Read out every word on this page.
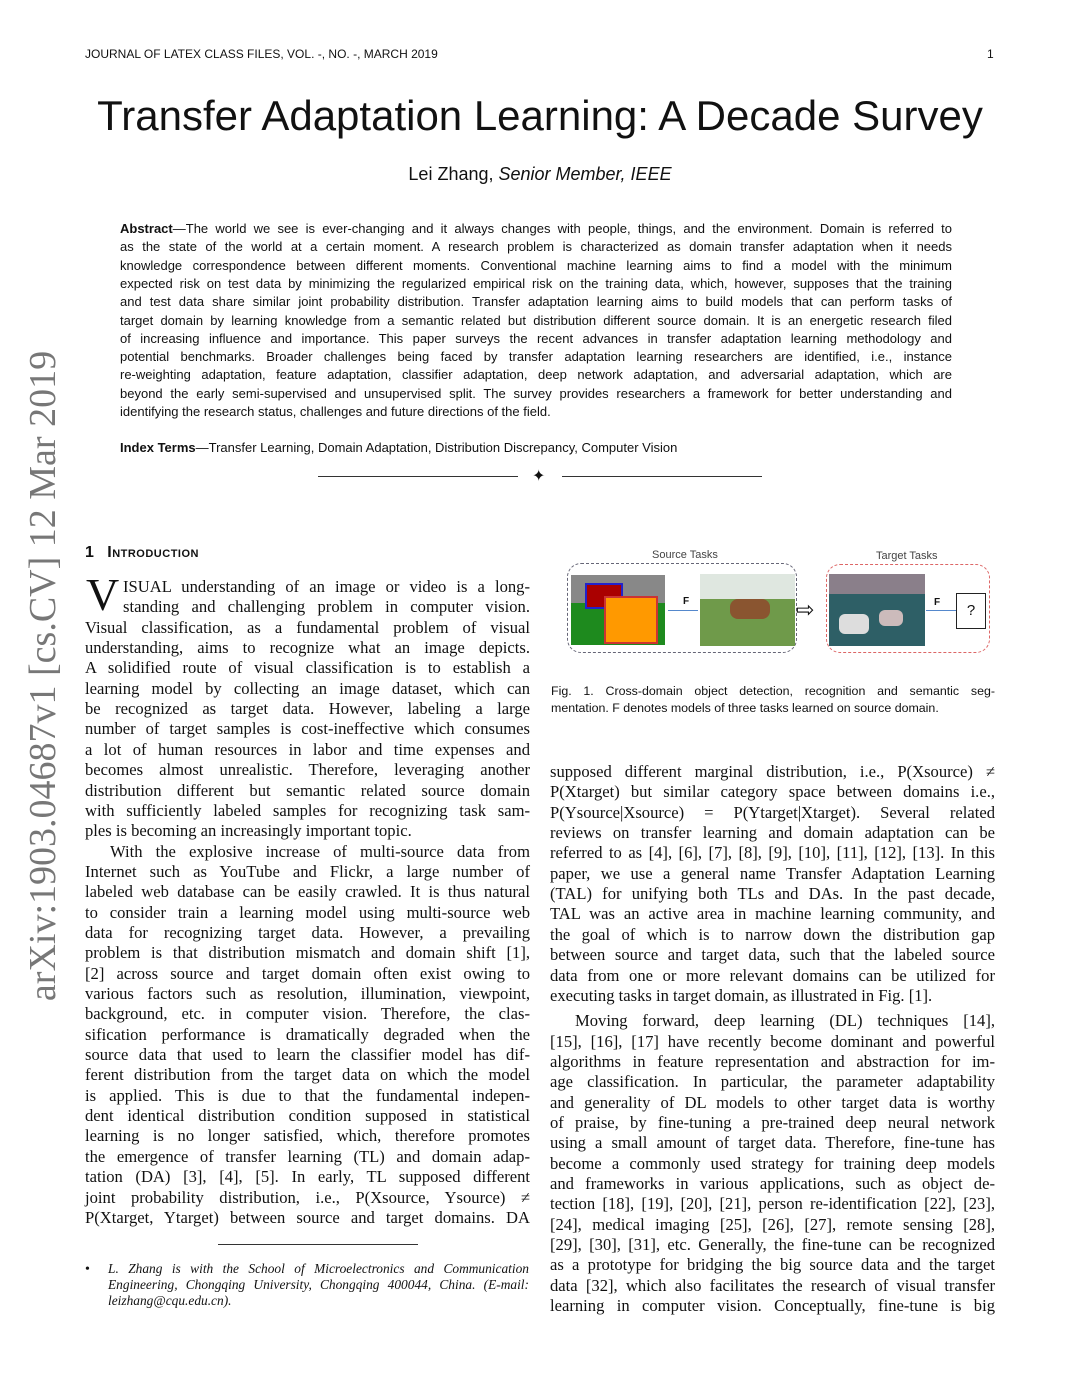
JOURNAL OF LATEX CLASS FILES, VOL. -, NO. -, MARCH 2019	1
Transfer Adaptation Learning: A Decade Survey
Lei Zhang, Senior Member, IEEE
arXiv:1903.04687v1 [cs.CV] 12 Mar 2019
Abstract—The world we see is ever-changing and it always changes with people, things, and the environment. Domain is referred to
as the state of the world at a certain moment. A research problem is characterized as domain transfer adaptation when it needs
knowledge correspondence between different moments. Conventional machine learning aims to find a model with the minimum
expected risk on test data by minimizing the regularized empirical risk on the training data, which, however, supposes that the training
and test data share similar joint probability distribution. Transfer adaptation learning aims to build models that can perform tasks of
target domain by learning knowledge from a semantic related but distribution different source domain. It is an energetic research filed
of increasing influence and importance. This paper surveys the recent advances in transfer adaptation learning methodology and
potential benchmarks. Broader challenges being faced by transfer adaptation learning researchers are identified, i.e., instance
re-weighting adaptation, feature adaptation, classifier adaptation, deep network adaptation, and adversarial adaptation, which are
beyond the early semi-supervised and unsupervised split. The survey provides researchers a framework for better understanding and
identifying the research status, challenges and future directions of the field.
Index Terms—Transfer Learning, Domain Adaptation, Distribution Discrepancy, Computer Vision
✦
1 Introduction
V ISUAL understanding of an image or video is a long-
standing and challenging problem in computer vision.
Visual classification, as a fundamental problem of visual
understanding, aims to recognize what an image depicts.
A solidified route of visual classification is to establish a
learning model by collecting an image dataset, which can
be recognized as target data. However, labeling a large
number of target samples is cost-ineffective which consumes
a lot of human resources in labor and time expenses and
becomes almost unrealistic. Therefore, leveraging another
distribution different but semantic related source domain
with sufficiently labeled samples for recognizing task sam-
ples is becoming an increasingly important topic.
With the explosive increase of multi-source data from
Internet such as YouTube and Flickr, a large number of
labeled web database can be easily crawled. It is thus natural
to consider train a learning model using multi-source web
data for recognizing target data. However, a prevailing
problem is that distribution mismatch and domain shift [1],
[2] across source and target domain often exist owing to
various factors such as resolution, illumination, viewpoint,
background, etc. in computer vision. Therefore, the clas-
sification performance is dramatically degraded when the
source data that used to learn the classifier model has dif-
ferent distribution from the target data on which the model
is applied. This is due to that the fundamental indepen-
dent identical distribution condition supposed in statistical
learning is no longer satisfied, which, therefore promotes
the emergence of transfer learning (TL) and domain adap-
tation (DA) [3], [4], [5]. In early, TL supposed different
joint probability distribution, i.e., P(Xsource, Ysource) ≠
P(Xtarget, Ytarget) between source and target domains. DA
supposed different marginal distribution, i.e., P(Xsource) ≠
P(Xtarget) but similar category space between domains i.e.,
P(Ysource|Xsource) = P(Ytarget|Xtarget). Several related
reviews on transfer learning and domain adaptation can be
referred to as [4], [6], [7], [8], [9], [10], [11], [12], [13]. In this
paper, we use a general name Transfer Adaptation Learning
(TAL) for unifying both TLs and DAs. In the past decade,
TAL was an active area in machine learning community, and
the goal of which is to narrow down the distribution gap
between source and target data, such that the labeled source
data from one or more relevant domains can be utilized for
executing tasks in target domain, as illustrated in Fig. [1].
Moving forward, deep learning (DL) techniques [14],
[15], [16], [17] have recently become dominant and powerful
algorithms in feature representation and abstraction for im-
age classification. In particular, the parameter adaptability
and generality of DL models to other target data is worthy
of praise, by fine-tuning a pre-trained deep neural network
using a small amount of target data. Therefore, fine-tune has
become a commonly used strategy for training deep models
and frameworks in various applications, such as object de-
tection [18], [19], [20], [21], person re-identification [22], [23],
[24], medical imaging [25], [26], [27], remote sensing [28],
[29], [30], [31], etc. Generally, the fine-tune can be recognized
as a prototype for bridging the big source data and the target
data [32], which also facilitates the research of visual transfer
learning in computer vision. Conceptually, fine-tune is big
Source Tasks	Target Tasks
F	⇨	F	?
Fig. 1. Cross-domain object detection, recognition and semantic seg-
mentation. F denotes models of three tasks learned on source domain.
• L. Zhang is with the School of Microelectronics and Communication
Engineering, Chongqing University, Chongqing 400044, China. (E-mail:
leizhang@cqu.edu.cn).
